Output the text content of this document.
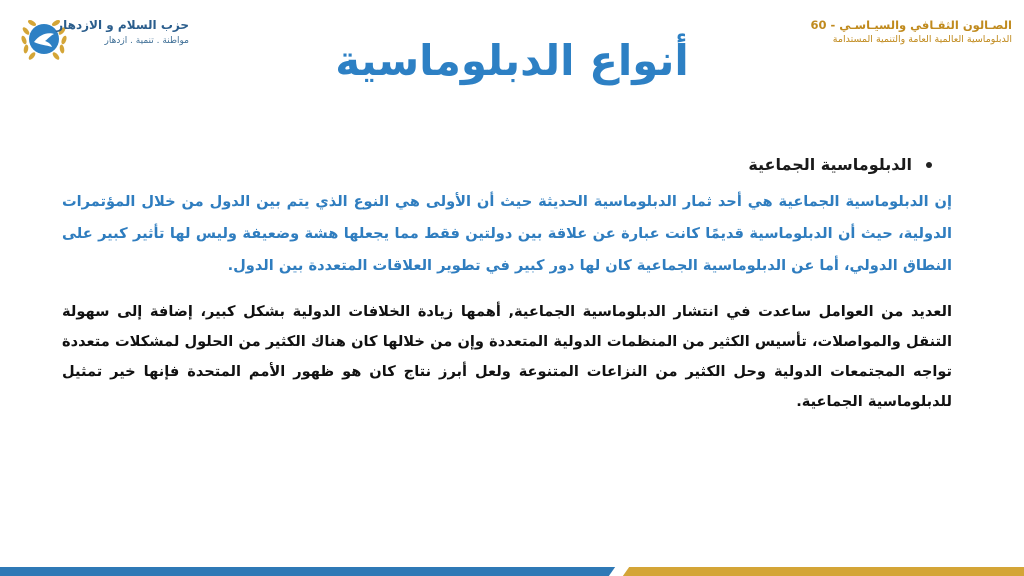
حزب السلام و الازدهار
مواطنة . تنمية . ازدهار
الصـالون الثقـافي والسيـاسـي - 60
الدبلوماسية العالمية العامة والتنمية المستدامة
أنواع الدبلوماسية
الدبلوماسية الجماعية

إن الدبلوماسية الجماعية هي أحد ثمار الدبلوماسية الحديثة حيث أن الأولى هي النوع الذي يتم بين الدول من خلال المؤتمرات الدولية، حيث أن الدبلوماسية قديمًا كانت عبارة عن علاقة بين دولتين فقط مما يجعلها هشة وضعيفة وليس لها تأثير كبير على النطاق الدولي، أما عن الدبلوماسية الجماعية كان لها دور كبير في تطوير العلاقات المتعددة بين الدول.

العديد من العوامل ساعدت في انتشار الدبلوماسية الجماعية, أهمها زيادة الخلافات الدولية بشكل كبير، إضافة إلى سهولة التنقل والمواصلات، تأسيس الكثير من المنظمات الدولية المتعددة وإن من خلالها كان هناك الكثير من الحلول لمشكلات متعددة تواجه المجتمعات الدولية وحل الكثير من النزاعات المتنوعة ولعل أبرز نتاج كان هو ظهور الأمم المتحدة فإنها خير تمثيل للدبلوماسية الجماعية.
